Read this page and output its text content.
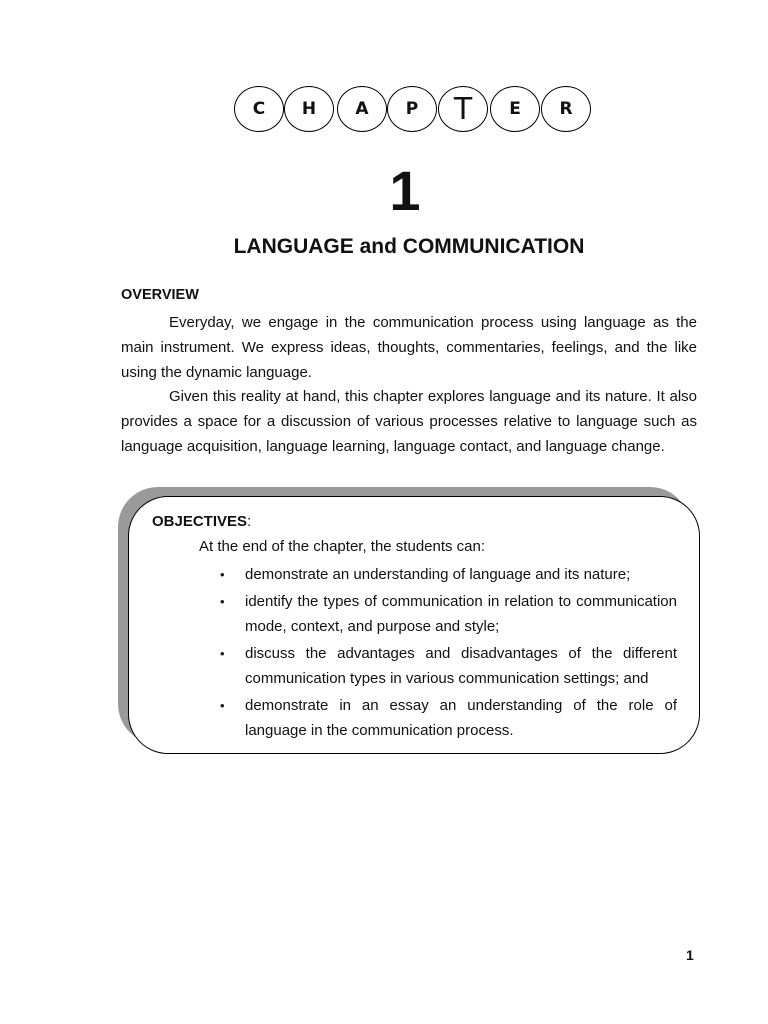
C	H	A	P	T	E	R
1
LANGUAGE and COMMUNICATION
OVERVIEW

Everyday, we engage in the communication process using language as the main instrument. We express ideas, thoughts, commentaries, feelings, and the like using the dynamic language.

Given this reality at hand, this chapter explores language and its nature. It also provides a space for a discussion of various processes relative to language such as language acquisition, language learning, language contact, and language change.

OBJECTIVES:
At the end of the chapter, the students can:
• demonstrate an understanding of language and its nature;
• identify the types of communication in relation to communication mode, context, and purpose and style;
• discuss the advantages and disadvantages of the different communication types in various communication settings; and
• demonstrate in an essay an understanding of the role of language in the communication process.
1
